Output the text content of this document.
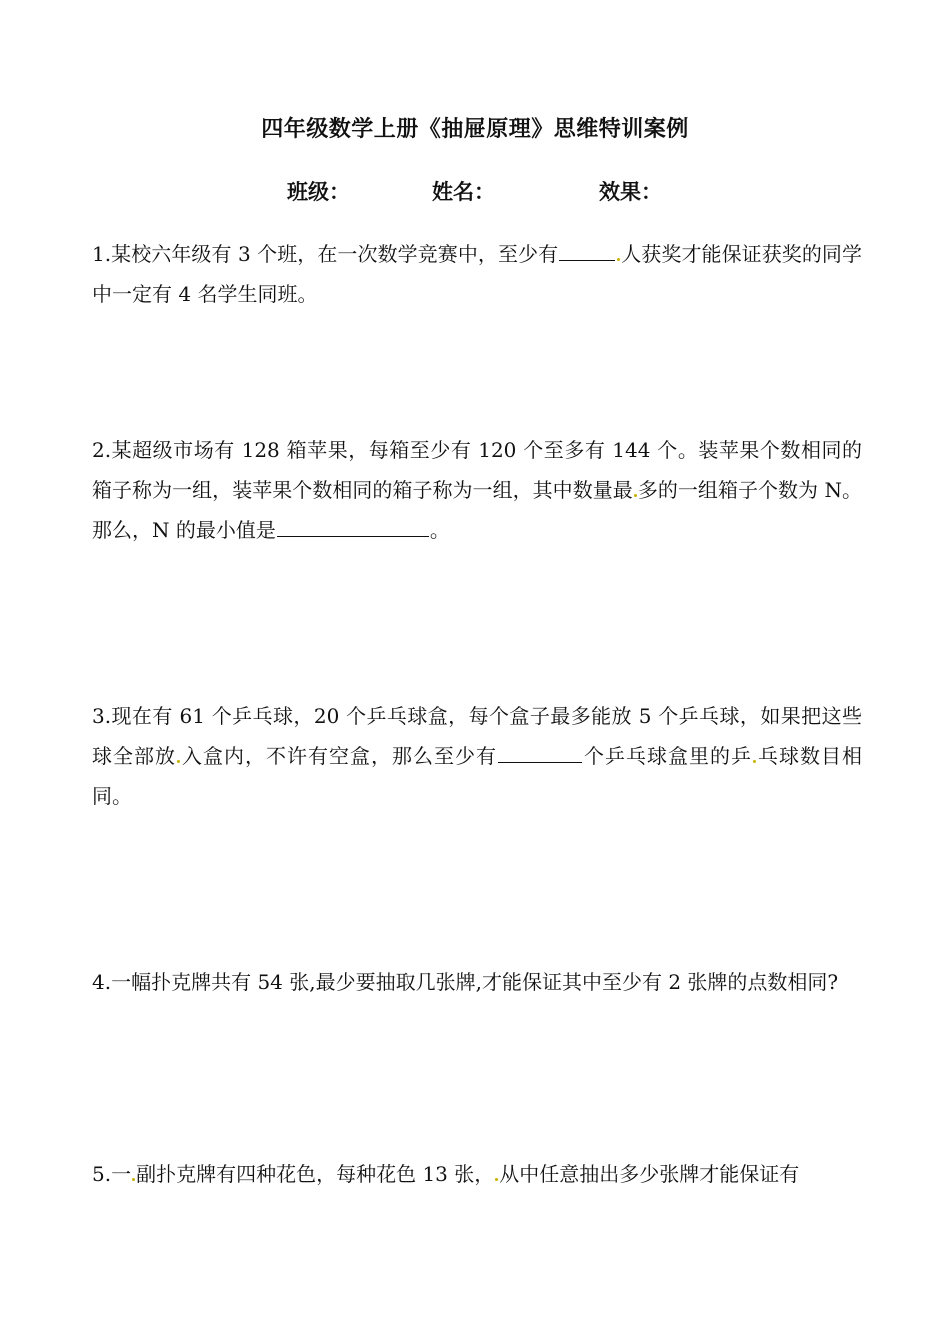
四年级数学上册《抽屉原理》思维特训案例
班级：	姓名：	效果：
1.某校六年级有 3 个班，在一次数学竞赛中，至少有	人获奖才能保证获奖的同学中一定有 4 名学生同班。
2.某超级市场有 128 箱苹果，每箱至少有 120 个至多有 144 个。装苹果个数相同的箱子称为一组，装苹果个数相同的箱子称为一组，其中数量最 多的一组箱子个数为 N。那么，N 的最小值是	。
3.现在有 61 个乒乓球，20 个乒乓球盒，每个盒子最多能放 5 个乒乓球，如果把这些球全部放 入盒内，不许有空盒，那么至少有	个乒乓球盒里的乒 乓球数目相同。
4.一幅扑克牌共有 54 张,最少要抽取几张牌,才能保证其中至少有 2 张牌的点数相同?
5.一 副扑克牌有四种花色，每种花色 13 张， 从中任意抽出多少张牌才能保证有
